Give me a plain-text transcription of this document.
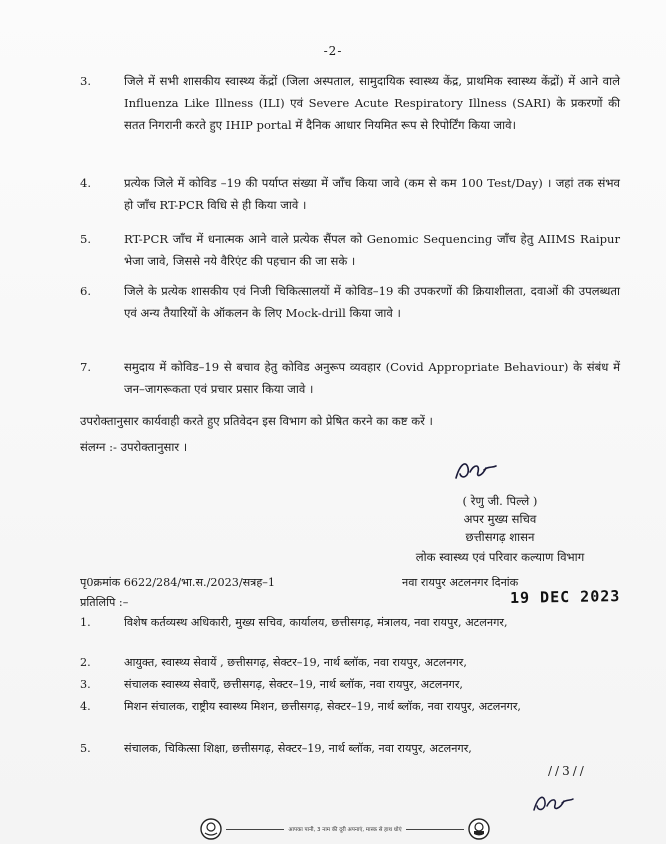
-2-
3.	जिले में सभी शासकीय स्वास्थ्य केंद्रों (जिला अस्पताल, सामुदायिक स्वास्थ्य केंद्र, प्राथमिक स्वास्थ्य केंद्रों) में आने वाले Influenza Like Illness (ILI) एवं Severe Acute Respiratory Illness (SARI) के प्रकरणों की सतत निगरानी करते हुए IHIP portal में दैनिक आधार नियमित रूप से रिपोर्टिंग किया जावे।
4.	प्रत्येक जिले में कोविड –19 की पर्याप्त संख्या में जाँच किया जावे (कम से कम 100 Test/Day) । जहां तक संभव हो जाँच RT-PCR विधि से ही किया जावे ।
5.	RT-PCR जाँच में धनात्मक आने वाले प्रत्येक सैंपल को Genomic Sequencing जाँच हेतु AIIMS Raipur भेजा जावे, जिससे नये वैरिएंट की पहचान की जा सके ।
6.	जिले के प्रत्येक शासकीय एवं निजी चिकित्सालयों में कोविड–19 की उपकरणों की क्रियाशीलता, दवाओं की उपलब्धता एवं अन्य तैयारियों के ऑकलन के लिए Mock-drill किया जावे ।
7.	समुदाय में कोविड–19 से बचाव हेतु कोविड अनुरूप व्यवहार (Covid Appropriate Behaviour) के संबंध में जन–जागरूकता एवं प्रचार प्रसार किया जावे ।
उपरोक्तानुसार कार्यवाही करते हुए प्रतिवेदन इस विभाग को प्रेषित करने का कष्ट करें ।
संलग्न :- उपरोक्तानुसार ।
( रेणु जी. पिल्ले )
अपर मुख्य सचिव
छत्तीसगढ़ शासन
लोक स्वास्थ्य एवं परिवार कल्याण विभाग
पृ0क्रमांक 6622/284/भा.स./2023/सत्रह–1	नवा रायपुर अटलनगर दिनांक
19 DEC 2023
प्रतिलिपि :–
1.	विशेष कर्तव्यस्थ अधिकारी, मुख्य सचिव, कार्यालय, छत्तीसगढ़, मंत्रालय, नवा रायपुर, अटलनगर,
2.	आयुक्त, स्वास्थ्य सेवायें , छत्तीसगढ़, सेक्टर–19, नार्थ ब्लॉक, नवा रायपुर, अटलनगर,
3.	संचालक स्वास्थ्य सेवाएँ, छत्तीसगढ़, सेक्टर–19, नार्थ ब्लॉक, नवा रायपुर, अटलनगर,
4.	मिशन संचालक, राष्ट्रीय स्वास्थ्य मिशन, छत्तीसगढ़, सेक्टर–19, नार्थ ब्लॉक, नवा रायपुर, अटलनगर,
5.	संचालक, चिकित्सा शिक्षा, छत्तीसगढ़, सेक्टर–19, नार्थ ब्लॉक, नवा रायपुर, अटलनगर,
//3//
आपका पानी, 3 नाम की दूरी अपनाएं, मास्क से हाथ धोएं
